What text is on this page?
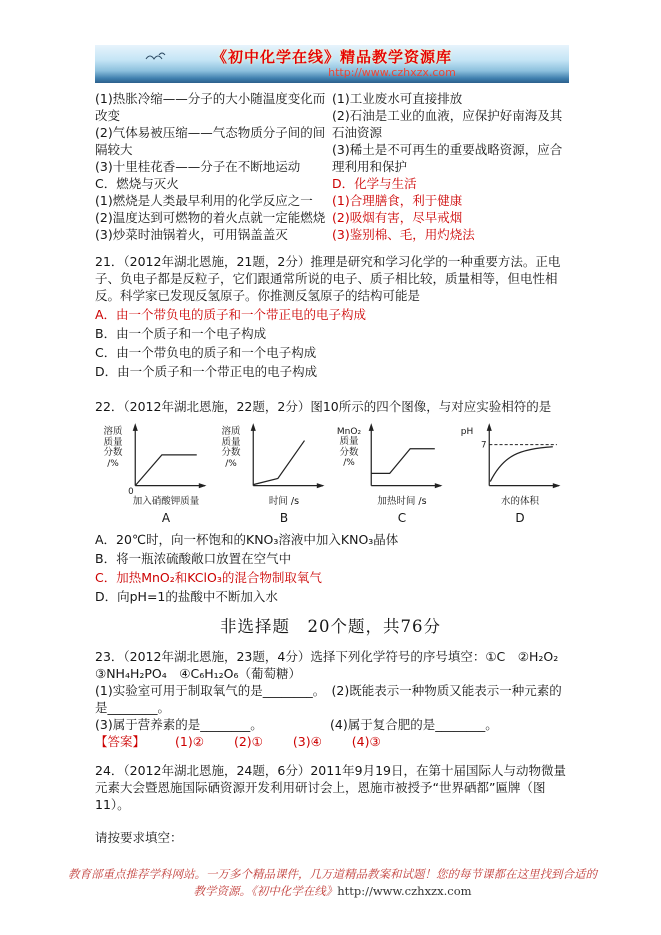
《初中化学在线》精品教学资源库
http://www.czhxzx.com

(1)热胀冷缩——分子的大小随温度变化而改变

(2)气体易被压缩——气态物质分子间的间隔较大

(3)十里桂花香——分子在不断地运动

C．燃烧与灭火

(1)燃烧是人类最早利用的化学反应之一

(2)温度达到可燃物的着火点就一定能燃烧

(3)炒菜时油锅着火，可用锅盖盖灭

(1)工业废水可直接排放

(2)石油是工业的血液，应保护好南海及其石油资源

(3)稀土是不可再生的重要战略资源，应合理利用和保护

D．化学与生活

(1)合理膳食，利于健康

(2)吸烟有害，尽早戒烟

(3)鉴别棉、毛，用灼烧法

21．（2012年湖北恩施，21题，2分）推理是研究和学习化学的一种重要方法。正电子、负电子都是反粒子，它们跟通常所说的电子、质子相比较，质量相等，但电性相反。科学家已发现反氢原子。你推测反氢原子的结构可能是

A．由一个带负电的质子和一个带正电的电子构成

B．由一个质子和一个电子构成

C．由一个带负电的质子和一个电子构成

D．由一个质子和一个带正电的电子构成

22．（2012年湖北恩施，22题，2分）图10所示的四个图像，与对应实验相符的是

溶质质量分数
/%
0
加入硝酸钾质量
A
溶质质量分数
/%
时间 /s
B
MnO₂
质量分数
/%
加热时间 /s
C
pH
7
水的体积
D

A．20℃时，向一杯饱和的KNO₃溶液中加入KNO₃晶体

B．将一瓶浓硫酸敞口放置在空气中

C．加热MnO₂和KClO₃的混合物制取氧气

D．向pH=1的盐酸中不断加入水

非选择题　20个题，共76分

23．（2012年湖北恩施，23题，4分）选择下列化学符号的序号填空：①C　②H₂O₂　③NH₄H₂PO₄　④C₆H₁₂O₆（葡萄糖）

(1)实验室可用于制取氧气的是________。　 (2)既能表示一种物质又能表示一种元素的是________。

(3)属于营养素的是________。	(4)属于复合肥的是________。

【答案】 (1)② (2)① (3)④ (4)③

24．（2012年湖北恩施，24题，6分）2011年9月19日，在第十届国际人与动物微量元素大会暨恩施国际硒资源开发利用研讨会上，恩施市被授予“世界硒都”匾牌（图11）。

请按要求填空：

教育部重点推荐学科网站。一万多个精品课件，几万道精品教案和试题！您的每节课都在这里找到合适的

教学资源。《初中化学在线》http://www.czhxzx.com
